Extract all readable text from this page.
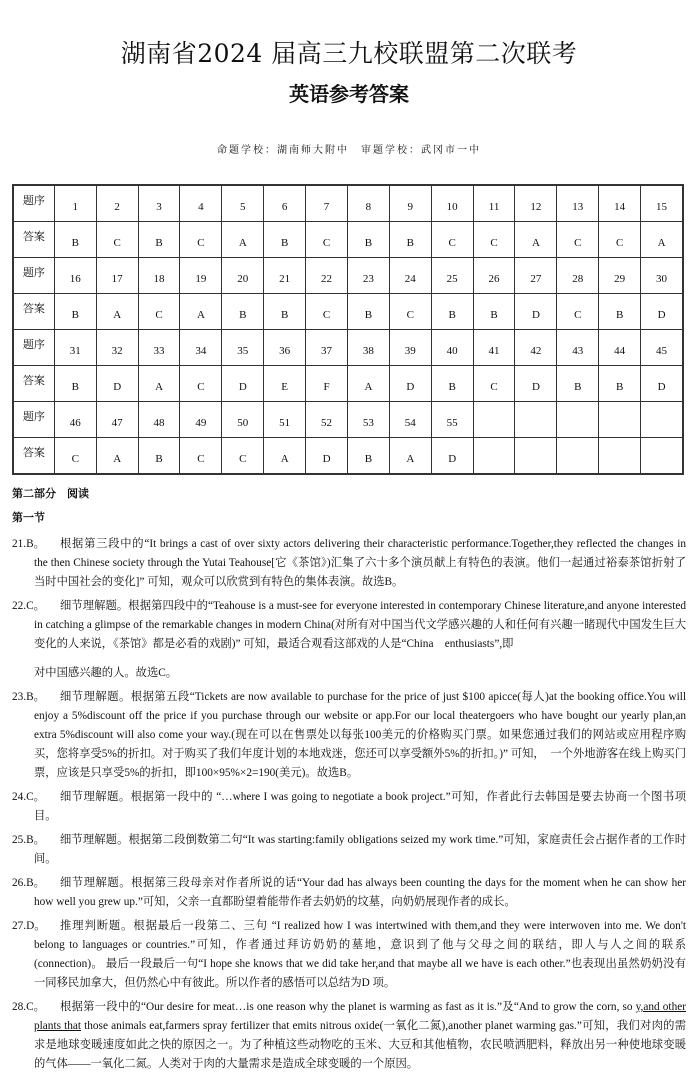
湖南省2024 届高三九校联盟第二次联考
英语参考答案
命题学校：湖南师大附中　审题学校：武冈市一中
题序	1	2	3	4	5	6	7	8	9	10	11	12	13	14	15
答案	B	C	B	C	A	B	C	B	B	C	C	A	C	C	A
题序	16	17	18	19	20	21	22	23	24	25	26	27	28	29	30
答案	B	A	C	A	B	B	C	B	C	B	B	D	C	B	D
题序	31	32	33	34	35	36	37	38	39	40	41	42	43	44	45
答案	B	D	A	C	D	E	F	A	D	B	C	D	B	B	D
题序	46	47	48	49	50	51	52	53	54	55					
答案	C	A	B	C	C	A	D	B	A	D					
第二部分　阅读
第一节
21.B。	根据第三段中的“It brings a cast of over sixty actors delivering their characteristic performance.Together,they reflected the changes in the then Chinese society through the Yutai Teahouse[它《茶馆》)汇集了六十多个演员献上有特色的表演。他们一起通过裕泰茶馆折射了当时中国社会的变化]” 可知，观众可以欣赏到有特色的集体表演。故选B。
22.C。	细节理解题。根据第四段中的“Teahouse is a must-see for everyone interested in contemporary Chinese literature,and anyone interested in catching a glimpse of the remarkable changes in modern China(对所有对中国当代文学感兴趣的人和任何有兴趣一睹现代中国发生巨大变化的人来说，《茶馆》都是必看的戏剧)” 可知，最适合观看这部戏的人是“China　enthusiasts”,即
对中国感兴趣的人。故选C。
23.B。	细节理解题。根据第五段“Tickets are now available to purchase for the price of just $100 apicce(每人)at the booking office.You will enjoy a 5%discount off the price if you purchase through our website or app.For our local theatergoers who have bought our yearly plan,an extra 5%discount will also come your way.(现在可以在售票处以每张100美元的价格购买门票。如果您通过我们的网站或应用程序购买，您将享受5%的折扣。对于购买了我们年度计划的本地戏迷，您还可以享受额外5%的折扣。)” 可知，　一个外地游客在线上购买门票，应该是只享受5%的折扣，即100×95%×2=190(美元)。故选B。
24.C。	细节理解题。根据第一段中的 “…where I was going to negotiate a book project.”可知，作者此行去韩国是要去协商一个图书项目。
25.B。	细节理解题。根据第二段倒数第二句“It was starting:family obligations seized my work time.”可知，家庭责任会占据作者的工作时间。
26.B。	细节理解题。根据第三段母亲对作者所说的话“Your dad has always been counting the days for the moment when he can show her how well you grew up.”可知，父亲一直都盼望着能带作者去奶奶的坟墓，向奶奶展现作者的成长。
27.D。	推理判断题。根据最后一段第二、三句 “I realized how I was intertwined with them,and they were interwoven into me. We don't belong to languages or countries.”可知，作者通过拜访奶奶的墓地，意识到了他与父母之间的联结，即人与人之间的联系(connection)。 最后一段最后一句“I hope she knows that we did take her,and that maybe all we have is each other.”也表现出虽然奶奶没有一同移民加拿大，但仍然心中有彼此。所以作者的感悟可以总结为D 项。
28.C。	根据第一段中的“Our desire for meat…is one reason why the planet is warming as fast as it is.”及“And to grow the corn, so y,and other plants that those animals eat,farmers spray fertilizer that emits nitrous oxide(一氧化二氮),another planet warming gas.”可知，我们对肉的需求是地球变暖速度如此之快的原因之一。为了种植这些动物吃的玉米、大豆和其他植物，农民喷洒肥料，释放出另一种使地球变暖的气体——一氧化二氮。人类对于肉的大量需求是造成全球变暖的一个原因。
